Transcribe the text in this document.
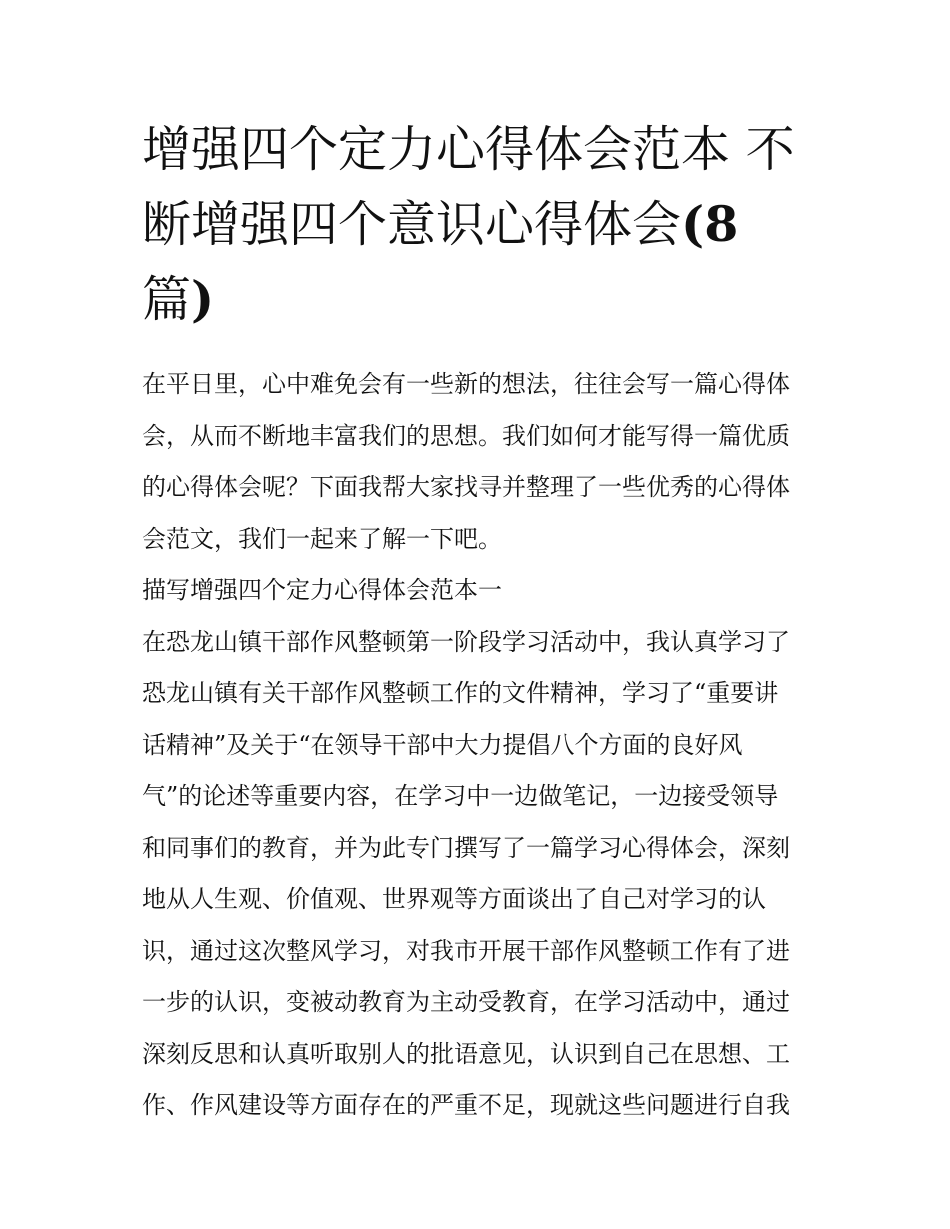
增强四个定力心得体会范本 不
断增强四个意识心得体会(8
篇)
在平日里，心中难免会有一些新的想法，往往会写一篇心得体
会，从而不断地丰富我们的思想。我们如何才能写得一篇优质
的心得体会呢？下面我帮大家找寻并整理了一些优秀的心得体
会范文，我们一起来了解一下吧。
描写增强四个定力心得体会范本一
在恐龙山镇干部作风整顿第一阶段学习活动中，我认真学习了
恐龙山镇有关干部作风整顿工作的文件精神，学习了“重要讲
话精神”及关于“在领导干部中大力提倡八个方面的良好风
气”的论述等重要内容，在学习中一边做笔记，一边接受领导
和同事们的教育，并为此专门撰写了一篇学习心得体会，深刻
地从人生观、价值观、世界观等方面谈出了自己对学习的认
识，通过这次整风学习，对我市开展干部作风整顿工作有了进
一步的认识，变被动教育为主动受教育，在学习活动中，通过
深刻反思和认真听取别人的批语意见，认识到自己在思想、工
作、作风建设等方面存在的严重不足，现就这些问题进行自我
